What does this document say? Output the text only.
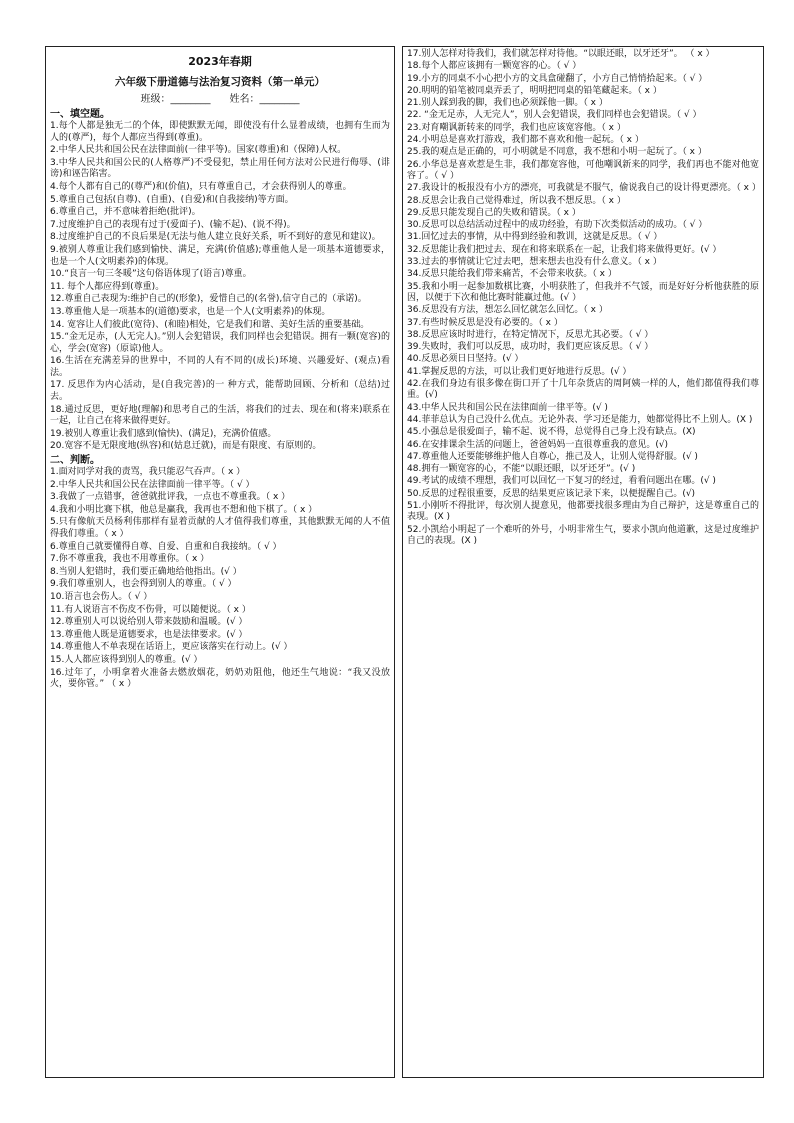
2023年春期
六年级下册道德与法治复习资料（第一单元）
班级：________ 姓名：________
一、填空题。
1.每个人都是独无二的个体，即使默默无闻，即使没有什么显着成绩，也拥有生而为人的(尊严)，每个人都应当得到(尊重)。
2.中华人民共和国公民在法律面前(一律平等)。国家(尊重)和（保障)人权。
3.中华人民共和国公民的(人格尊严)不受侵犯，禁止用任何方法对公民进行侮辱、(诽谤)和诬告陷害。
4.每个人都有自己的(尊严)和(价值)，只有尊重自己，才会获得别人的尊重。
5.尊重自己包括(自尊)、(自重)、(自爱)和(自我接纳)等方面。
6.尊重自己，并不意味着拒绝(批评)。
7.过度维护自己的表现有过于(爱面子)、(输不起)、(说不得)。
8.过度维护自己的不良后果是(无法与他人建立良好关系，听不到好的意见和建议)。
9.被别人尊重让我们感到愉快、满足，充满(价值感);尊重他人是一项基本道德要求，也是一个人(文明素养)的体现。
10.“良言一句三冬暖”这句俗语体现了(语言)尊重。
11. 每个人都应得到(尊重)。
12.尊重自己表现为:维护自己的(形象)，爱惜自己的(名誉),信守自己的（承诺)。
13.尊重他人是一项基本的(道德)要求，也是一个人(文明素养)的体现。
14. 宽容让人们彼此(宽待)、(和睦)相处，它是我们和谐、美好生活的重要基础。
15.“金无足赤，(人无完人)。”别人会犯错误，我们同样也会犯错误。拥有一颗(宽容)的心，学会(宽容)（原谅)他人。
16.生活在充满差异的世界中，不同的人有不同的(成长)环境、兴趣爱好、(观点)看法。
17. 反思作为内心活动，是(自我完善)的一 种方式，能帮助回顾、分析和（总结)过去。
18.通过反思，更好地(理解)和思考自己的生活，将我们的过去、现在和(将来)联系在一起，让自己在将来做得更好。
19.被别人尊重让我们感到(愉快)、(满足)，充满价值感。
20.宽容不是无限度地(纵容)和(姑息迁就)，而是有限度、有原则的。
二、判断。
1.面对同学对我的责骂，我只能忍气吞声。（ x ）
2.中华人民共和国公民在法律面前一律平等。（ √ ）
3.我做了一点错事，爸爸就批评我，一点也不尊重我。（ x ）
4.我和小明比赛下棋，他总是赢我，我再也不想和他下棋了。（ x ）
5.只有像航天员杨利伟那样有显着贡献的人才值得我们尊重，其他默默无闻的人不值得我们尊重。（ x ）
6.尊重自己就要懂得自尊、自爱、自重和自我接纳。（ √ ）
7.你不尊重我，我也不用尊重你。（ x ）
8.当别人犯错时，我们要正确地给他指出。(√ ）
9.我们尊重别人，也会得到别人的尊重。（ √ ）
10.语言也会伤人。（ √ ）
11.有人说语言不伤皮不伤骨，可以随便说。（ x ）
12.尊重别人可以说给别人带来鼓励和温暖。(√ ）
13.尊重他人既是道德要求，也是法律要求。(√ ）
14.尊重他人不单表现在话语上，更应该落实在行动上。(√ ）
15.人人都应该得到别人的尊重。(√ ）
16.过年了，小明拿着火准备去燃放烟花，奶奶劝阻他，他还生气地说：“我又没放火，要你管。” （ x ）
17.别人怎样对待我们，我们就怎样对待他。“以眼还眼，以牙还牙”。 （ x ）
18.每个人都应该拥有一颗宽容的心。（ √ ）
19.小方的同桌不小心把小方的文具盒碰翻了，小方自己悄悄拾起来。（ √ ）
20.明明的铅笔被同桌弄丢了，明明把同桌的铅笔藏起来。（ x ）
21.别人踩到我的脚，我们也必须踩他一脚。（ x ）
22. “金无足赤，人无完人”，别人会犯错误，我们同样也会犯错误。（ √ ）
23.对育嘲讽新转来的同学，我们也应该宽容他。（ x ）
24.小明总是喜欢打游戏，我们都不喜欢和他一起玩。（ x ）
25.我的观点是正确的，可小明就是不同意，我不想和小明一起玩了。（ x ）
26.小华总是喜欢惹是生非，我们都宽容他，可他嘲讽新来的同学，我们再也不能对他宽容了。（ √ ）
27.我设计的板报没有小方的漂亮，可我就是不服气，偷说我自己的设计得更漂亮。（ x ）
28.反思会让我自己觉得难过，所以我不想反思。（ x ）
29.反思只能发现自己的失败和错误。（ x ）
30.反思可以总结活动过程中的成功经验，有助下次类似活动的成功。（ √ ）
31.回忆过去的事情，从中得到经验和教训，这就是反思。（ √ ）
32.反思能让我们把过去、现在和将来联系在一起，让我们将来做得更好。(√ ）
33.过去的事情就让它过去吧，想来想去也没有什么意义。（ x ）
34.反思只能给我们带来痛苦，不会带来收获。（ x ）
35.我和小明一起参加数棋比赛，小明获胜了，但我并不气馁，而是好好分析他获胜的原因，以便于下次和他比赛时能赢过他。(√ ）
36.反思没有方法，想怎么回忆就怎么回忆。（ x ）
37.有些时候反思是没有必要的。（ x ）
38.反思应该时时进行，在特定情况下，反思尤其必要。（ √ ）
39.失败时，我们可以反思，成功时，我们更应该反思。（ √ ）
40.反思必须日日坚持。(√ ）
41.掌握反思的方法，可以让我们更好地进行反思。(√ ）
42.在我们身边有很多像在街口开了十几年杂货店的周阿姨一样的人，他们都值得我们尊重。(√)
43.中华人民共和国公民在法律面前一律平等。(√ )
44.菲菲总认为自己没什么优点。无论外表、学习还是能力，她都觉得比不上别人。(X )
45.小强总是很爱面子，输不起、说不得，总觉得自己身上没有缺点。(X)
46.在安排课余生活的问题上，爸爸妈妈一直很尊重我的意见。(√)
47.尊重他人还要能够维护他人自尊心，推己及人，让别人觉得舒服。(√ )
48.拥有一颗宽容的心，不能“以眼还眼，以牙还牙”。(√ )
49.考试的成绩不理想，我们可以回忆一下复习的经过，看看问题出在哪。(√ )
50.反思的过程很重要，反思的结果更应该记录下来，以便提醒自己。(√)
51.小刚听不得批评，每次别人提意见，他都要找很多理由为自己辩护，这是尊重自己的表现。(X )
52.小凯给小明起了一个难听的外号，小明非常生气，要求小凯向他道歉，这是过度维护自己的表现。(X )
